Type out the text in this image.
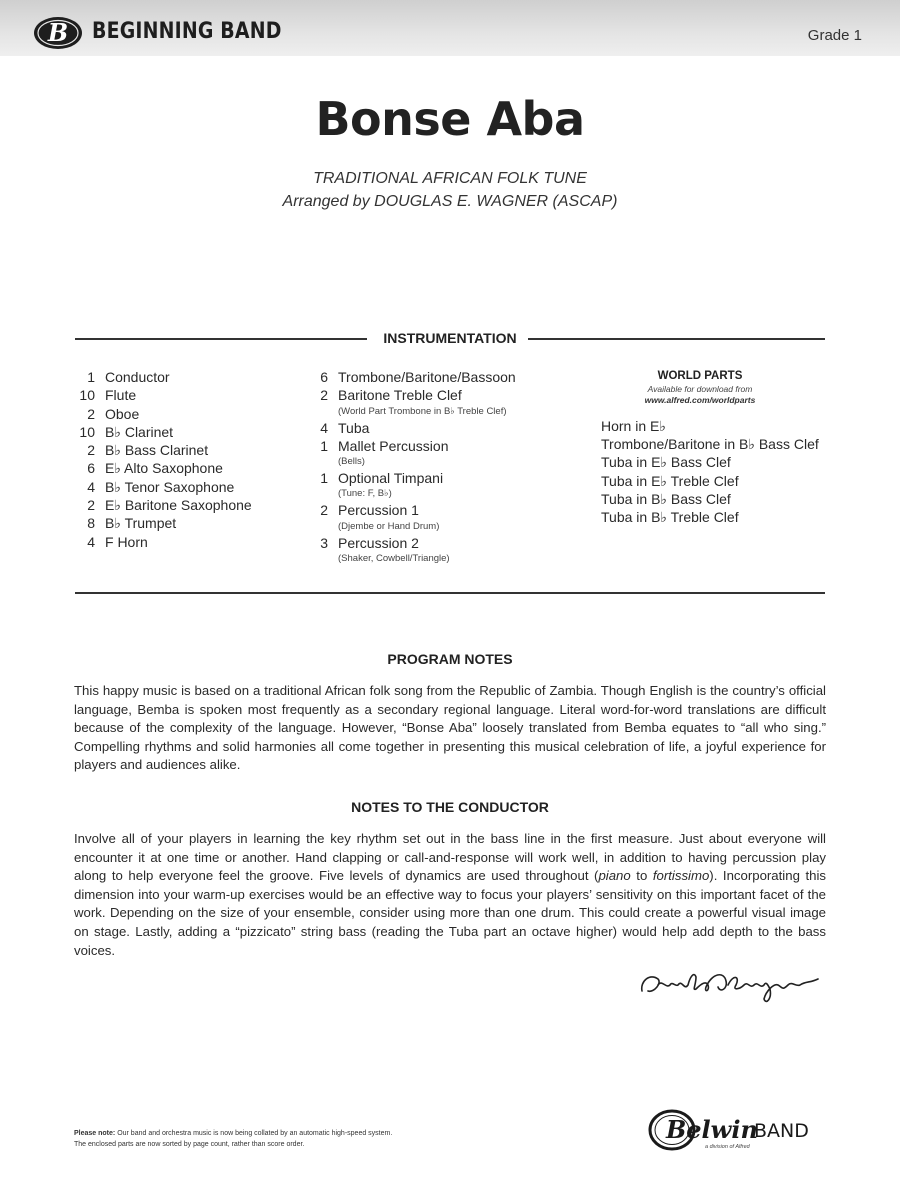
B BEGINNING BAND	Grade 1
Bonse Aba
TRADITIONAL AFRICAN FOLK TUNE
Arranged by DOUGLAS E. WAGNER (ASCAP)
INSTRUMENTATION
1 Conductor
10 Flute
2 Oboe
10 B♭ Clarinet
2 B♭ Bass Clarinet
6 E♭ Alto Saxophone
4 B♭ Tenor Saxophone
2 E♭ Baritone Saxophone
8 B♭ Trumpet
4 F Horn
6 Trombone/Baritone/Bassoon
2 Baritone Treble Clef
(World Part Trombone in B♭ Treble Clef)
4 Tuba
1 Mallet Percussion
(Bells)
1 Optional Timpani
(Tune: F, B♭)
2 Percussion 1
(Djembe or Hand Drum)
3 Percussion 2
(Shaker, Cowbell/Triangle)
WORLD PARTS
Available for download from
www.alfred.com/worldparts
Horn in E♭
Trombone/Baritone in B♭ Bass Clef
Tuba in E♭ Bass Clef
Tuba in E♭ Treble Clef
Tuba in B♭ Bass Clef
Tuba in B♭ Treble Clef
PROGRAM NOTES
This happy music is based on a traditional African folk song from the Republic of Zambia. Though English is the country’s official language, Bemba is spoken most frequently as a secondary regional language. Literal word-for-word translations are difficult because of the complexity of the language. However, “Bonse Aba” loosely translated from Bemba equates to “all who sing.” Compelling rhythms and solid harmonies all come together in presenting this musical celebration of life, a joyful experience for players and audiences alike.
NOTES TO THE CONDUCTOR
Involve all of your players in learning the key rhythm set out in the bass line in the first measure. Just about everyone will encounter it at one time or another. Hand clapping or call-and-response will work well, in addition to having percussion play along to help everyone feel the groove. Five levels of dynamics are used throughout (piano to fortissimo). Incorporating this dimension into your warm-up exercises would be an effective way to focus your players’ sensitivity on this important facet of the work. Depending on the size of your ensemble, consider using more than one drum. This could create a powerful visual image on stage. Lastly, adding a “pizzicato” string bass (reading the Tuba part an octave higher) would help add depth to the bass voices.
Please note: Our band and orchestra music is now being collated by an automatic high-speed system.
The enclosed parts are now sorted by page count, rather than score order.
Belwin
BAND
a division of Alfred
